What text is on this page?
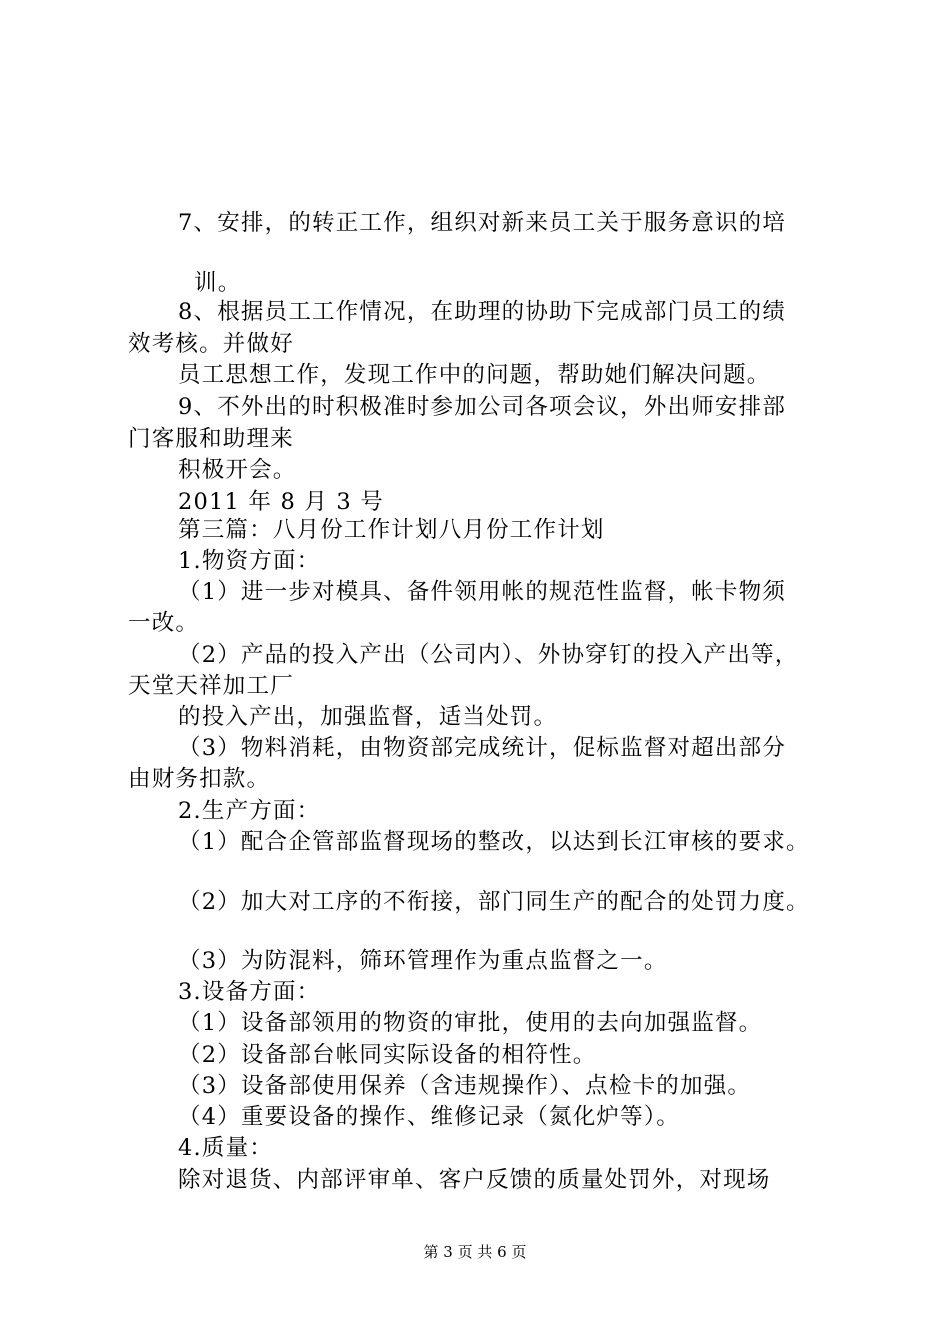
7、安排，的转正工作，组织对新来员工关于服务意识的培
训。
8、根据员工工作情况，在助理的协助下完成部门员工的绩
效考核。并做好
员工思想工作，发现工作中的问题，帮助她们解决问题。
9、不外出的时积极准时参加公司各项会议，外出师安排部
门客服和助理来
积极开会。
2011 年 8 月 3 号
第三篇：八月份工作计划八月份工作计划
1.物资方面：
（1）进一步对模具、备件领用帐的规范性监督，帐卡物须
一改。
（2）产品的投入产出（公司内）、外协穿钉的投入产出等，
天堂天祥加工厂
的投入产出，加强监督，适当处罚。
（3）物料消耗，由物资部完成统计，促标监督对超出部分
由财务扣款。
2.生产方面：
（1）配合企管部监督现场的整改，以达到长江审核的要求。
（2）加大对工序的不衔接，部门同生产的配合的处罚力度。
（3）为防混料，筛环管理作为重点监督之一。
3.设备方面：
（1）设备部领用的物资的审批，使用的去向加强监督。
（2）设备部台帐同实际设备的相符性。
（3）设备部使用保养（含违规操作）、点检卡的加强。
（4）重要设备的操作、维修记录（氮化炉等）。
4.质量：
除对退货、内部评审单、客户反馈的质量处罚外，对现场
第 3 页 共 6 页
